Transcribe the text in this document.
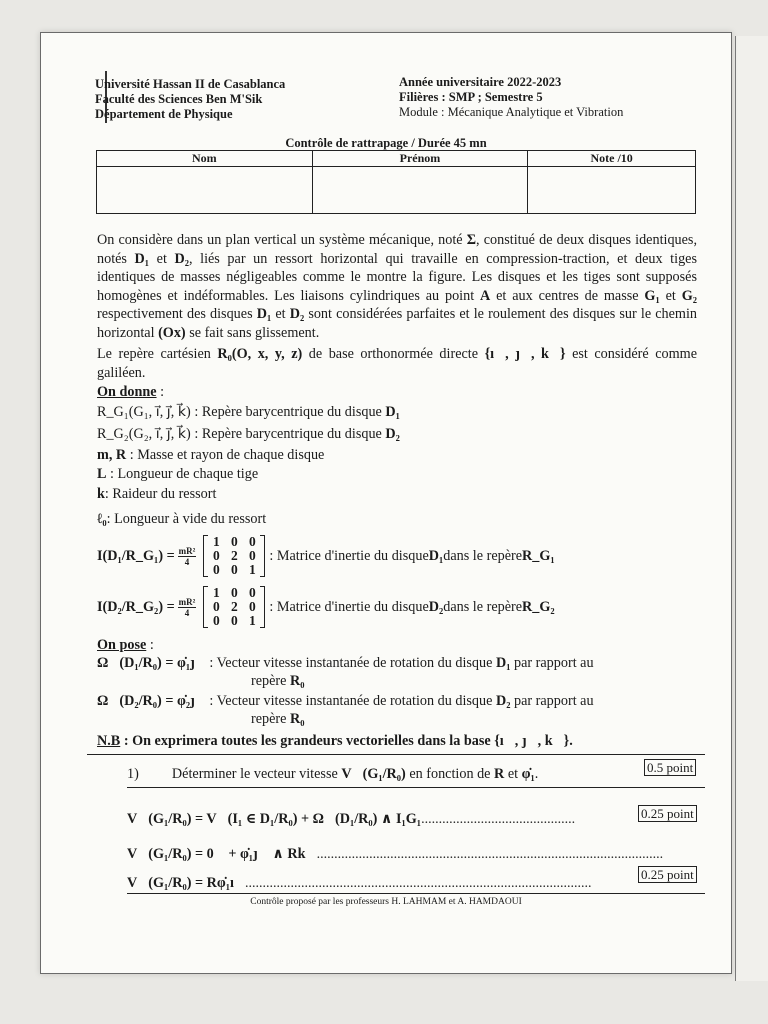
Université Hassan II de Casablanca
Faculté des Sciences Ben M'Sik
Département de Physique
Année universitaire 2022-2023
Filières : SMP ; Semestre 5
Module : Mécanique Analytique et Vibration
Contrôle de rattrapage / Durée 45 mn
Nom	Prénom	Note /10

On considère dans un plan vertical un système mécanique, noté Σ, constitué de deux disques identiques, notés D₁ et D₂, liés par un ressort horizontal qui travaille en compression-traction, et deux tiges identiques de masses négligeables comme le montre la figure. Les disques et les tiges sont supposés homogènes et indéformables. Les liaisons cylindriques au point A et aux centres de masse G₁ et G₂ respectivement des disques D₁ et D₂ sont considérées parfaites et le roulement des disques sur le chemin horizontal (Ox) se fait sans glissement.
Le repère cartésien R₀(O, x, y, z) de base orthonormée directe {ı⃗, ȷ⃗, k⃗} est considéré comme galiléen.
On donne :
R_G₁(G₁, ı⃗, ȷ⃗, k⃗) : Repère barycentrique du disque D₁
R_G₂(G₂, ı⃗, ȷ⃗, k⃗) : Repère barycentrique du disque D₂
m, R : Masse et rayon de chaque disque
L : Longueur de chaque tige
k: Raideur du ressort
ℓ₀: Longueur à vide du ressort
I(D₁/R_G₁) = $\frac{\text{mR²}}{4}$
1 0 0
0 2 0
0 0 1
: Matrice d'inertie du disque D₁ dans le repère R_G₁
I(D₂/R_G₂) = $\frac{\text{mR²}}{4}$
1 0 0
0 2 0
0 0 1
: Matrice d'inertie du disque D₂ dans le repère R_G₂
On pose :
Ω⃗(D₁/R₀) = φ̇₁ȷ⃗ : Vecteur vitesse instantanée de rotation du disque D₁ par rapport au
repère R₀
Ω⃗(D₂/R₀) = φ̇₂ȷ⃗ : Vecteur vitesse instantanée de rotation du disque D₂ par rapport au
repère R₀
N.B : On exprimera toutes les grandeurs vectorielles dans la base {ı⃗, ȷ⃗, k⃗}.
1) Déterminer le vecteur vitesse V⃗(G₁/R₀) en fonction de R et φ̇₁.	0.5 point
V⃗(G₁/R₀) = V⃗(I₁ ∈ D₁/R₀) + Ω⃗(D₁/R₀) ∧ I₁G₁............................................	0.25 point
V⃗(G₁/R₀) = 0⃗ + φ̇₁ȷ⃗ ∧ Rk⃗...................................................................................................
V⃗(G₁/R₀) = Rφ̇₁ı⃗...................................................................................................
0.25 point
Contrôle proposé par les professeurs H. LAHMAM et A. HAMDAOUI
